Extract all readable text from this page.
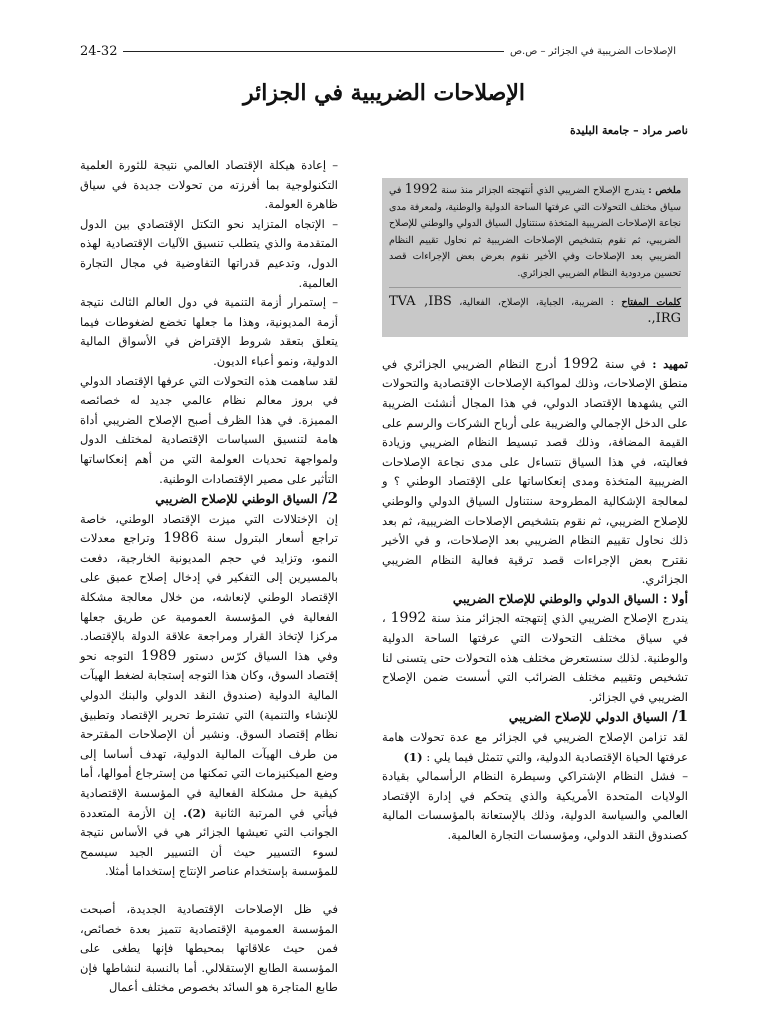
الإصلاحات الضريبية في الجزائر – ص.ص
24-32
الإصلاحات الضريبية في الجزائر
ناصر مراد – جامعة البليدة
ملخص : يندرج الإصلاح الضريبي الذي أنتهجته الجزائر منذ سنة 1992 في سياق مختلف التحولات التي عرفتها الساحة الدولية والوطنية، ولمعرفة مدى نجاعة الإصلاحات الضريبية المتخذة سنتناول السياق الدولي والوطني للإصلاح الضريبي، ثم نقوم بتشخيص الإصلاحات الضريبية ثم نحاول تقييم النظام الضريبي بعد الإصلاحات وفي الأخير نقوم بعرض بعض الإجراءات قصد تحسين مردودية النظام الضريبي الجزائري.
كلمات المفتاح : الضريبة، الجباية، الإصلاح، الفعالية، TVA ,IBS ,IRG.

تمهيد : في سنة 1992 أدرج النظام الضريبي الجزائري في منطق الإصلاحات، وذلك لمواكبة الإصلاحات الإقتصادية والتحولات التي يشهدها الإقتصاد الدولي، في هذا المجال أنشئت الضريبة على الدخل الإجمالي والضريبة على أرباح الشركات والرسم على القيمة المضافة، وذلك قصد تبسيط النظام الضريبي وزيادة فعاليته، في هذا السياق نتساءل على مدى نجاعة الإصلاحات الضريبية المتخذة ومدى إنعكاساتها على الإقتصاد الوطني ؟ و لمعالجة الإشكالية المطروحة سنتناول السياق الدولي والوطني للإصلاح الضريبي، ثم نقوم بتشخيص الإصلاحات الضريبية، ثم بعد ذلك نحاول تقييم النظام الضريبي بعد الإصلاحات، و في الأخير نقترح بعض الإجراءات قصد ترقية فعالية النظام الضريبي الجزائري.

أولا : السياق الدولي والوطني للإصلاح الضريبي

يندرج الإصلاح الضريبي الذي إنتهجته الجزائر منذ سنة 1992 ، في سياق مختلف التحولات التي عرفتها الساحة الدولية والوطنية. لذلك سنستعرض مختلف هذه التحولات حتى يتسنى لنا تشخيص وتقييم مختلف الضرائب التي أسست ضمن الإصلاح الضريبي في الجزائر.

1/ السياق الدولي للإصلاح الضريبي

لقد تزامن الإصلاح الضريبي في الجزائر مع عدة تحولات هامة عرفتها الحياة الإقتصادية الدولية، والتي تتمثل فيما يلي : (1)

– فشل النظام الإشتراكي وسيطرة النظام الرأسمالي بقيادة الولايات المتحدة الأمريكية والذي يتحكم في إدارة الإقتصاد العالمي والسياسة الدولية، وذلك بالإستعانة بالمؤسسات المالية كصندوق النقد الدولي، ومؤسسات التجارة العالمية.

– إعادة هيكلة الإقتصاد العالمي نتيجة للثورة العلمية التكنولوجية بما أفرزته من تحولات جديدة في سياق ظاهرة العولمة.

– الإتجاه المتزايد نحو التكتل الإقتصادي بين الدول المتقدمة والذي يتطلب تنسيق الآليات الإقتصادية لهذه الدول، وتدعيم قدراتها التفاوضية في مجال التجارة العالمية.

– إستمرار أزمة التنمية في دول العالم الثالث نتيجة أزمة المديونية، وهذا ما جعلها تخضع لضغوطات فيما يتعلق بتعقد شروط الإقتراض في الأسواق المالية الدولية، ونمو أعباء الديون.

لقد ساهمت هذه التحولات التي عرفها الإقتصاد الدولي في بروز معالم نظام عالمي جديد له خصائصه المميزة. في هذا الظرف أصبح الإصلاح الضريبي أداة هامة لتنسيق السياسات الإقتصادية لمختلف الدول ولمواجهة تحديات العولمة التي من أهم إنعكاساتها التأثير على مصير الإقتصادات الوطنية.

2/ السياق الوطني للإصلاح الضريبي

إن الإختلالات التي ميزت الإقتصاد الوطني، خاصة تراجع أسعار البترول سنة 1986 وتراجع معدلات النمو، وتزايد في حجم المديونية الخارجية، دفعت بالمسيرين إلى التفكير في إدخال إصلاح عميق على الإقتصاد الوطني لإنعاشه، من خلال معالجة مشكلة الفعالية في المؤسسة العمومية عن طريق جعلها مركزا لإتخاذ القرار ومراجعة علاقة الدولة بالإقتصاد. وفي هذا السياق كرّس دستور 1989 التوجه نحو إقتصاد السوق، وكان هذا التوجه إستجابة لضغط الهيآت المالية الدولية (صندوق النقد الدولي والبنك الدولي للإنشاء والتنمية) التي تشترط تحرير الإقتصاد وتطبيق نظام إقتصاد السوق. ونشير أن الإصلاحات المقترحة من طرف الهيآت المالية الدولية، تهدف أساسا إلى وضع الميكنيزمات التي تمكنها من إسترجاع أموالها، أما كيفية حل مشكلة الفعالية في المؤسسة الإقتصادية فيأتي في المرتبة الثانية (2). إن الأزمة المتعددة الجوانب التي تعيشها الجزائر هي في الأساس نتيجة لسوء التسيير حيث أن التسيير الجيد سيسمح للمؤسسة بإستخدام عناصر الإنتاج إستخداما أمثلا.

في ظل الإصلاحات الإقتصادية الجديدة، أصبحت المؤسسة العمومية الإقتصادية تتميز بعدة خصائص، فمن حيث علاقاتها بمحيطها فإنها يطغى على المؤسسة الطابع الإستقلالي. أما بالنسبة لنشاطها فإن طابع المتاجرة هو السائد بخصوص مختلف أعمال
